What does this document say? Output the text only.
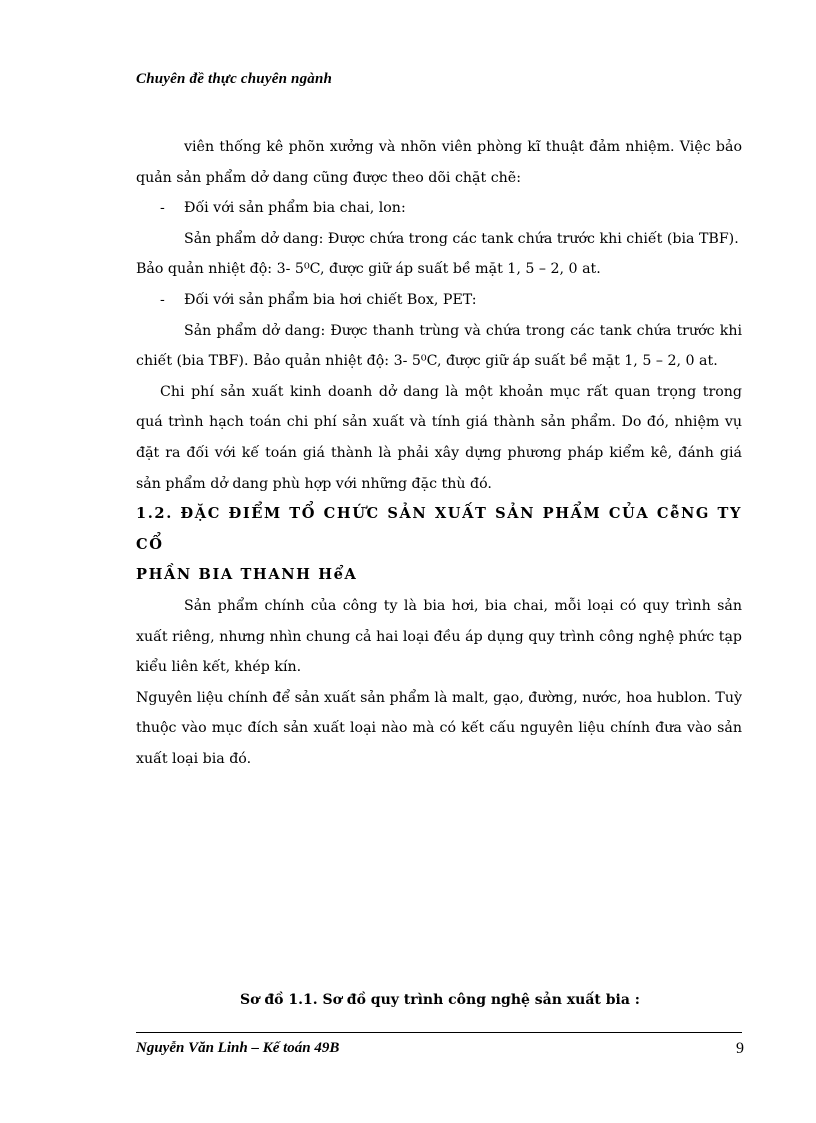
Chuyên đề thực chuyên ngành

viên thống kê phõn xưởng và nhõn viên phòng kĩ thuật đảm nhiệm. Việc bảo quản sản phẩm dở dang cũng được theo dõi chặt chẽ:

-	Đối với sản phẩm bia chai, lon:

Sản phẩm dở dang: Được chứa trong các tank chứa trước khi chiết (bia TBF).

Bảo quản nhiệt độ: 3- 5⁰C, được giữ áp suất bề mặt 1, 5 – 2, 0 at.

-	Đối với sản phẩm bia hơi chiết Box, PET:

Sản phẩm dở dang: Được thanh trùng và chứa trong các tank chứa trước khi chiết (bia TBF). Bảo quản nhiệt độ: 3- 5⁰C, được giữ áp suất bề mặt 1, 5 – 2, 0 at.

Chi phí sản xuất kinh doanh dở dang là một khoản mục rất quan trọng trong quá trình hạch toán chi phí sản xuất và tính giá thành sản phẩm. Do đó, nhiệm vụ đặt ra đối với kế toán giá thành là phải xây dựng phương pháp kiểm kê, đánh giá sản phẩm dở dang phù hợp với những đặc thù đó.

1.2. ĐẶC ĐIỂM TỔ CHỨC SẢN XUẤT SẢN PHẨM CỦA CễNG TY CỔ
PHẦN BIA THANH HểA

Sản phẩm chính của công ty là bia hơi, bia chai, mỗi loại có quy trình sản xuất riêng, nhưng nhìn chung cả hai loại đều áp dụng quy trình công nghệ phức tạp kiểu liên kết, khép kín.

Nguyên liệu chính để sản xuất sản phẩm là malt, gạo, đường, nước, hoa hublon. Tuỳ thuộc vào mục đích sản xuất loại nào mà có kết cấu nguyên liệu chính đưa vào sản xuất loại bia đó.

Sơ đồ 1.1. Sơ đồ quy trình công nghệ sản xuất bia :
Nguyễn Văn Linh – Kế toán 49B	9
